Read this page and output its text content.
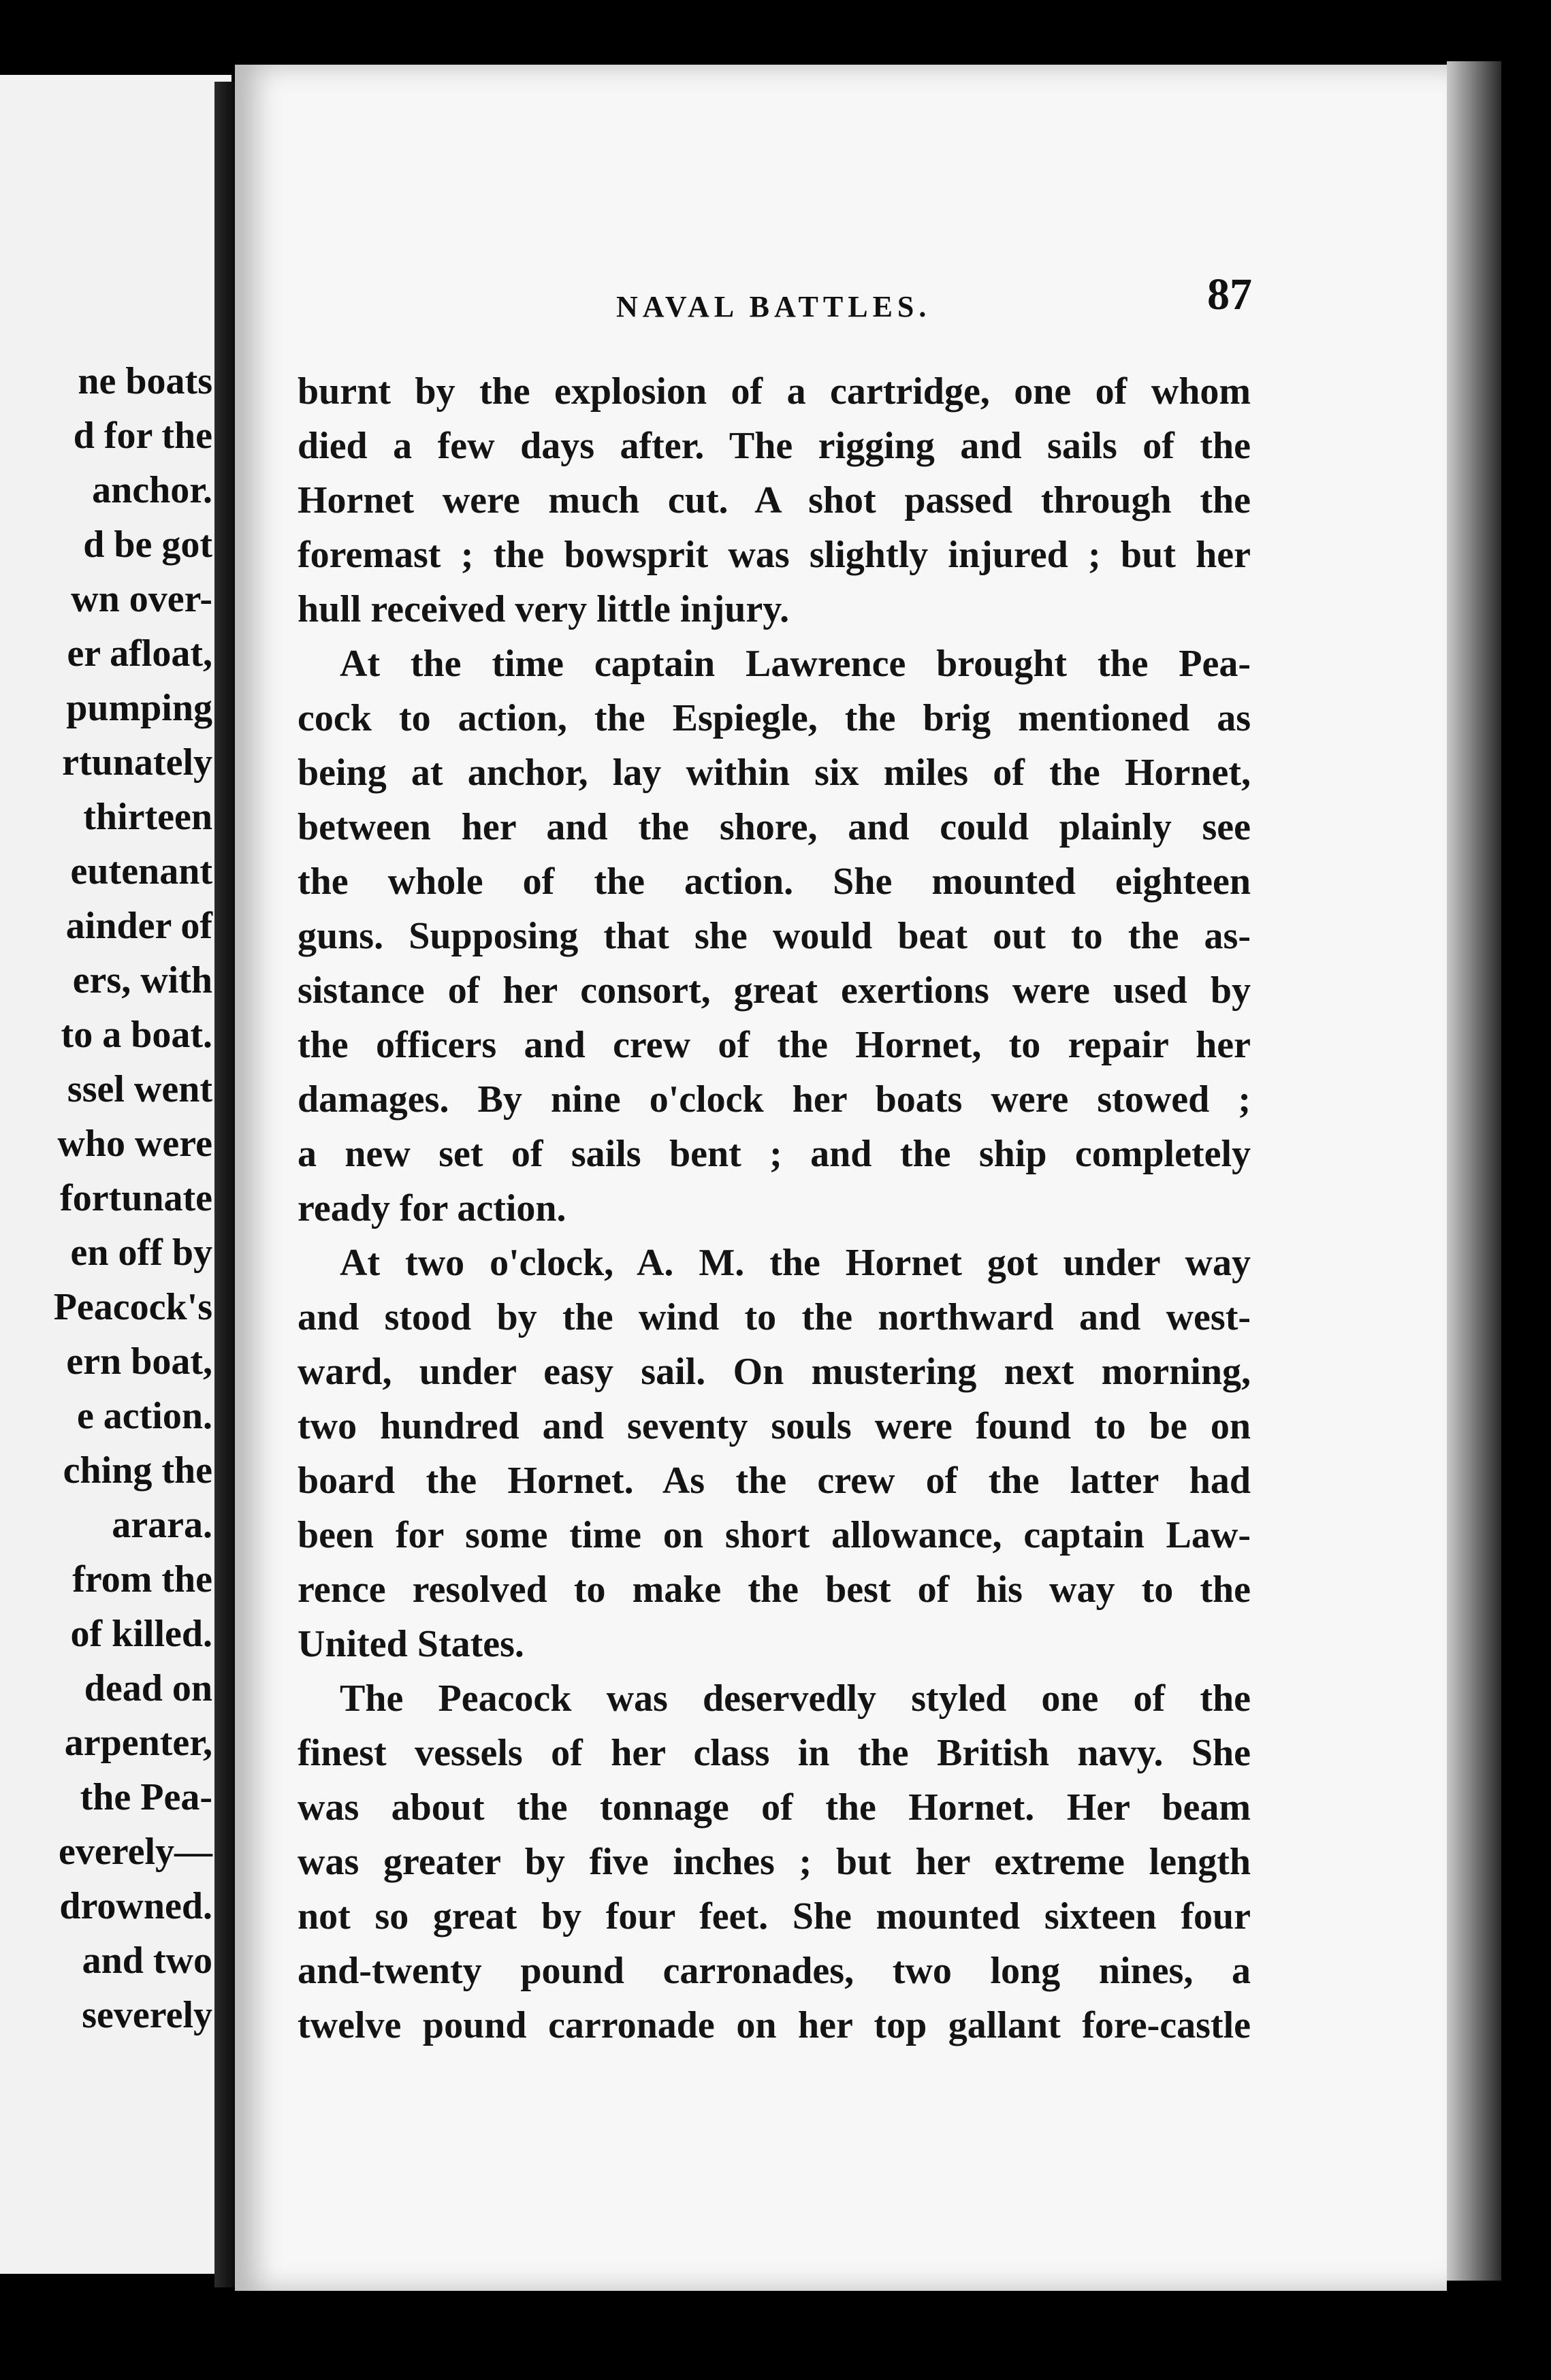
ne boats
d for the
anchor.
d be got
wn over-
er afloat,
pumping
rtunately
thirteen
eutenant
ainder of
ers, with
to a boat.
ssel went
who were
fortunate
en off by
Peacock's
ern boat,
e action.
ching the
arara.
from the
of killed.
dead on
arpenter,
the Pea-
everely—
drowned.
and two
severely
NAVAL BATTLES.	87
burnt by the explosion of a cartridge, one of whom
died a few days after. The rigging and sails of the
Hornet were much cut. A shot passed through the
foremast ; the bowsprit was slightly injured ; but her
hull received very little injury.
At the time captain Lawrence brought the Pea-
cock to action, the Espiegle, the brig mentioned as
being at anchor, lay within six miles of the Hornet,
between her and the shore, and could plainly see
the whole of the action. She mounted eighteen
guns. Supposing that she would beat out to the as-
sistance of her consort, great exertions were used by
the officers and crew of the Hornet, to repair her
damages. By nine o'clock her boats were stowed ;
a new set of sails bent ; and the ship completely
ready for action.
At two o'clock, A. M. the Hornet got under way
and stood by the wind to the northward and west-
ward, under easy sail. On mustering next morning,
two hundred and seventy souls were found to be on
board the Hornet. As the crew of the latter had
been for some time on short allowance, captain Law-
rence resolved to make the best of his way to the
United States.
The Peacock was deservedly styled one of the
finest vessels of her class in the British navy. She
was about the tonnage of the Hornet. Her beam
was greater by five inches ; but her extreme length
not so great by four feet. She mounted sixteen four
and-twenty pound carronades, two long nines, a
twelve pound carronade on her top gallant fore-castle
